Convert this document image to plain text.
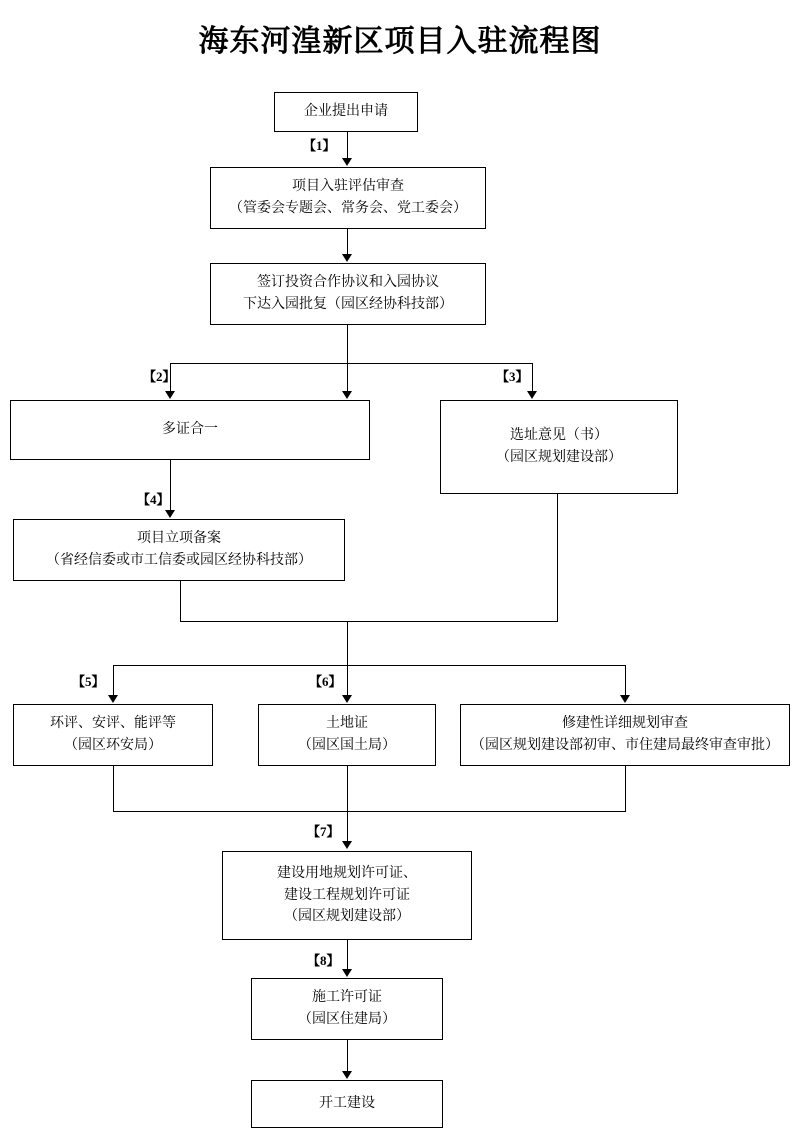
海东河湟新区项目入驻流程图
企业提出申请
项目入驻评估审查
（管委会专题会、常务会、党工委会）
签订投资合作协议和入园协议
下达入园批复（园区经协科技部）
多证合一	选址意见（书）
（园区规划建设部）
项目立项备案
（省经信委或市工信委或园区经协科技部）
环评、安评、能评等
（园区环安局）
土地证
（园区国土局）
修建性详细规划审查
（园区规划建设部初审、市住建局最终审查审批）
建设用地规划许可证、
建设工程规划许可证
（园区规划建设部）
施工许可证
（园区住建局）
开工建设
【1】
【2】	【3】
【4】
【5】	【6】
【7】
【8】
